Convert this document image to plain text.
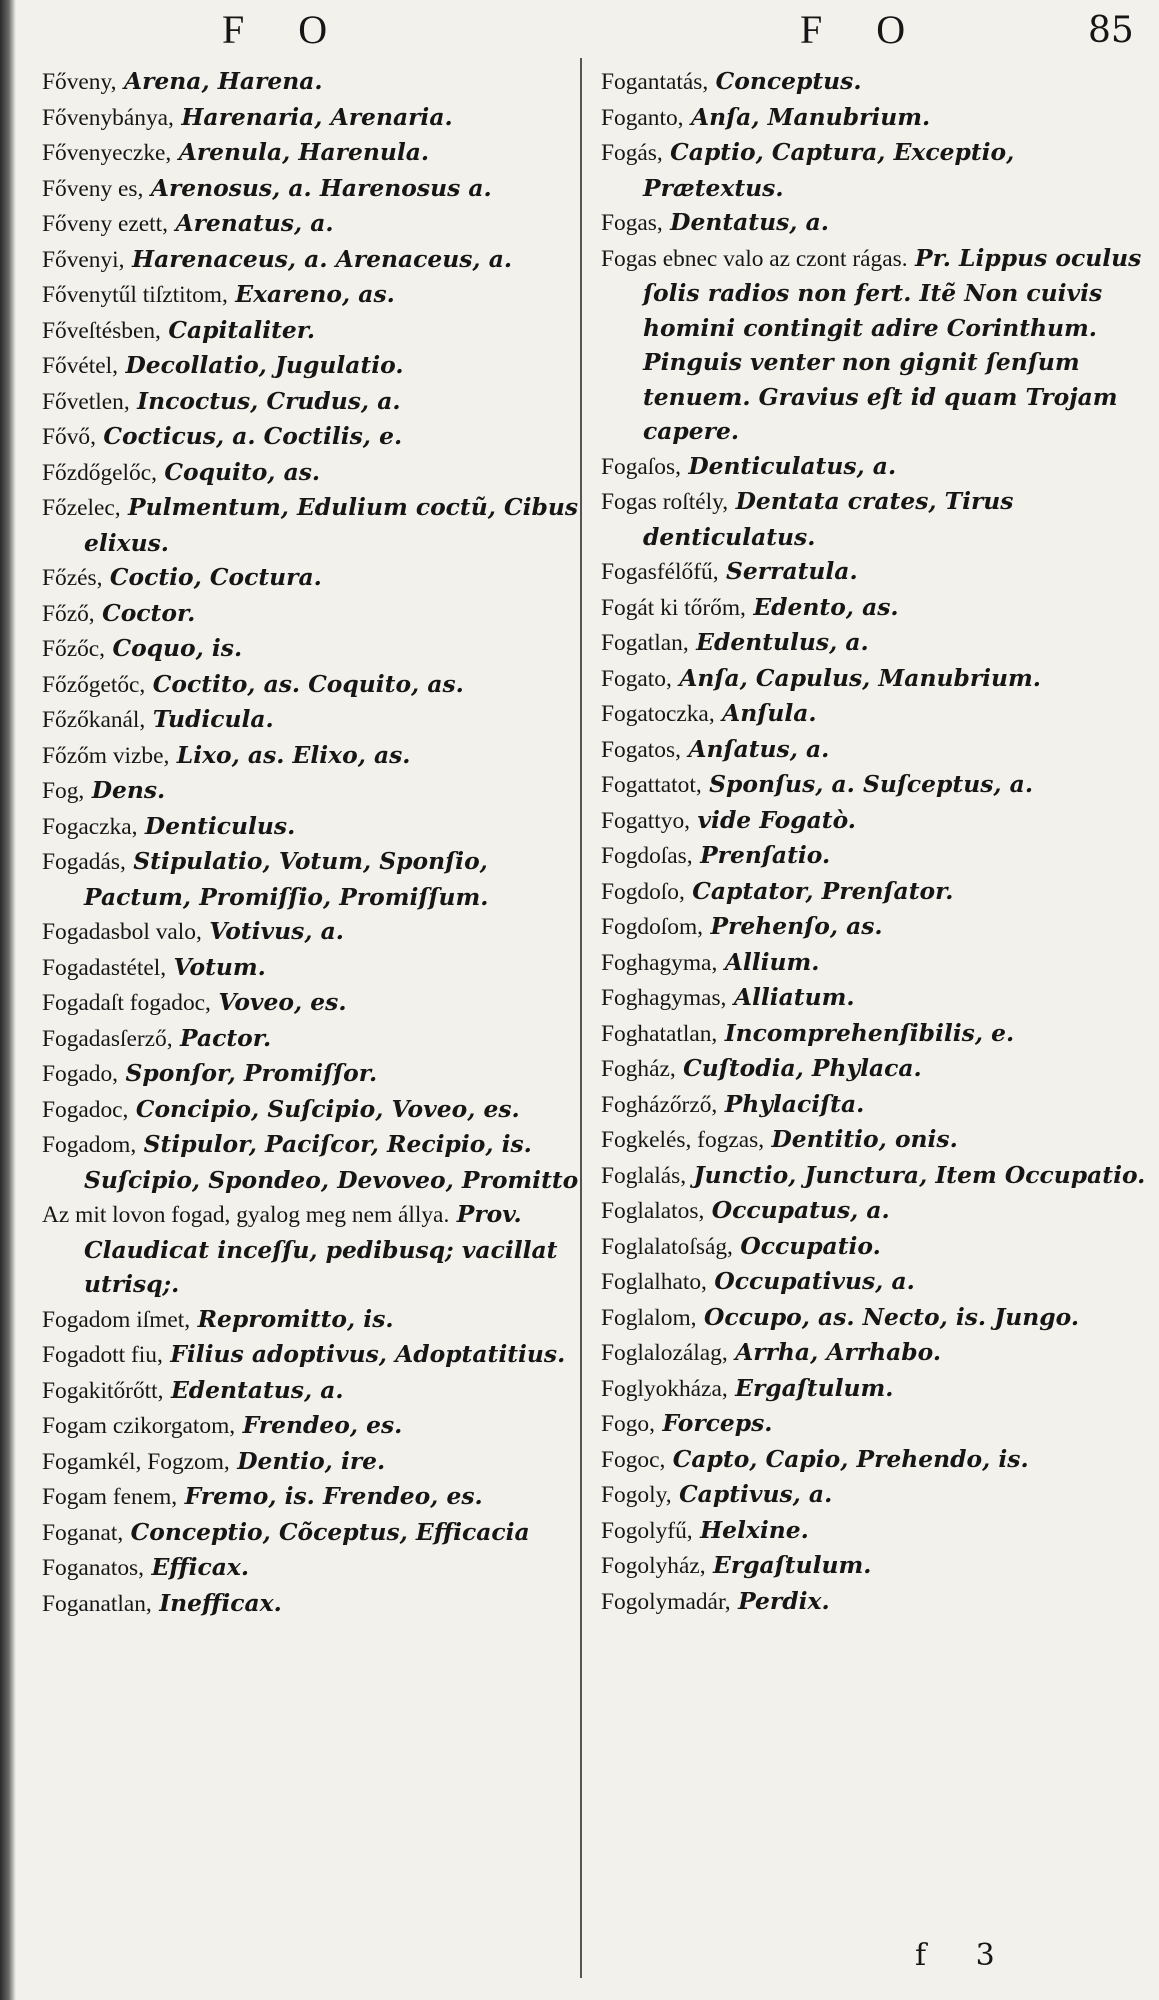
F O	F O	85
Főveny, Arena, Harena.
Fővenybánya, Harenaria, Arenaria.
Fővenyeczke, Arenula, Harenula.
Főveny es, Arenosus, a. Harenosus a.
Főveny ezett, Arenatus, a.
Fővenyi, Harenaceus, a. Arenaceus, a.
Fővenytűl tiſztitom, Exareno, as.
Főveſtésben, Capitaliter.
Fővétel, Decollatio, Jugulatio.
Fővetlen, Incoctus, Crudus, a.
Fővő, Cocticus, a. Coctilis, e.
Főzdőgelőc, Coquito, as.
Főzelec, Pulmentum, Edulium coctũ, Cibus elixus.
Főzés, Coctio, Coctura.
Főző, Coctor.
Főzőc, Coquo, is.
Főzőgetőc, Coctito, as. Coquito, as.
Főzőkanál, Tudicula.
Főzőm vizbe, Lixo, as. Elixo, as.
Fog, Dens.
Fogaczka, Denticulus.
Fogadás, Stipulatio, Votum, Sponſio, Pactum, Promiſſio, Promiſſum.
Fogadasbol valo, Votivus, a.
Fogadastétel, Votum.
Fogadaſt fogadoc, Voveo, es.
Fogadasſerző, Pactor.
Fogado, Sponſor, Promiſſor.
Fogadoc, Concipio, Suſcipio, Voveo, es.
Fogadom, Stipulor, Paciſcor, Recipio, is. Suſcipio, Spondeo, Devoveo, Promitto
Az mit lovon fogad, gyalog meg nem állya. Prov. Claudicat inceſſu, pedibusq; vacillat utrisq;.
Fogadom iſmet, Repromitto, is.
Fogadott fiu, Filius adoptivus, Adoptatitius.
Fogakitőrőtt, Edentatus, a.
Fogam czikorgatom, Frendeo, es.
Fogamkél, Fogzom, Dentio, ire.
Fogam fenem, Fremo, is. Frendeo, es.
Foganat, Conceptio, Cõceptus, Efficacia
Foganatos, Efficax.
Foganatlan, Inefficax.
Fogantatás, Conceptus.
Foganto, Anſa, Manubrium.
Fogás, Captio, Captura, Exceptio, Prætextus.
Fogas, Dentatus, a.
Fogas ebnec valo az czont rágas. Pr. Lippus oculus ſolis radios non fert. Itẽ Non cuivis homini contingit adire Corinthum. Pinguis venter non gignit ſenſum tenuem. Gravius eſt id quam Trojam capere.
Fogaſos, Denticulatus, a.
Fogas roſtély, Dentata crates, Tirus denticulatus.
Fogasfélőfű, Serratula.
Fogát ki tőrőm, Edento, as.
Fogatlan, Edentulus, a.
Fogato, Anſa, Capulus, Manubrium.
Fogatoczka, Anſula.
Fogatos, Anſatus, a.
Fogattatot, Sponſus, a. Suſceptus, a.
Fogattyo, vide Fogatò.
Fogdoſas, Prenſatio.
Fogdoſo, Captator, Prenſator.
Fogdoſom, Prehenſo, as.
Foghagyma, Allium.
Foghagymas, Alliatum.
Foghatatlan, Incomprehenſibilis, e.
Fogház, Cuſtodia, Phylaca.
Fogházőrző, Phylaciſta.
Fogkelés, fogzas, Dentitio, onis.
Foglalás, Junctio, Junctura, Item Occupatio.
Foglalatos, Occupatus, a.
Foglalatoſság, Occupatio.
Foglalhato, Occupativus, a.
Foglalom, Occupo, as. Necto, is. Jungo.
Foglalozálag, Arrha, Arrhabo.
Foglyokháza, Ergaſtulum.
Fogo, Forceps.
Fogoc, Capto, Capio, Prehendo, is.
Fogoly, Captivus, a.
Fogolyfű, Helxine.
Fogolyház, Ergaſtulum.
Fogolymadár, Perdix.
f 3
